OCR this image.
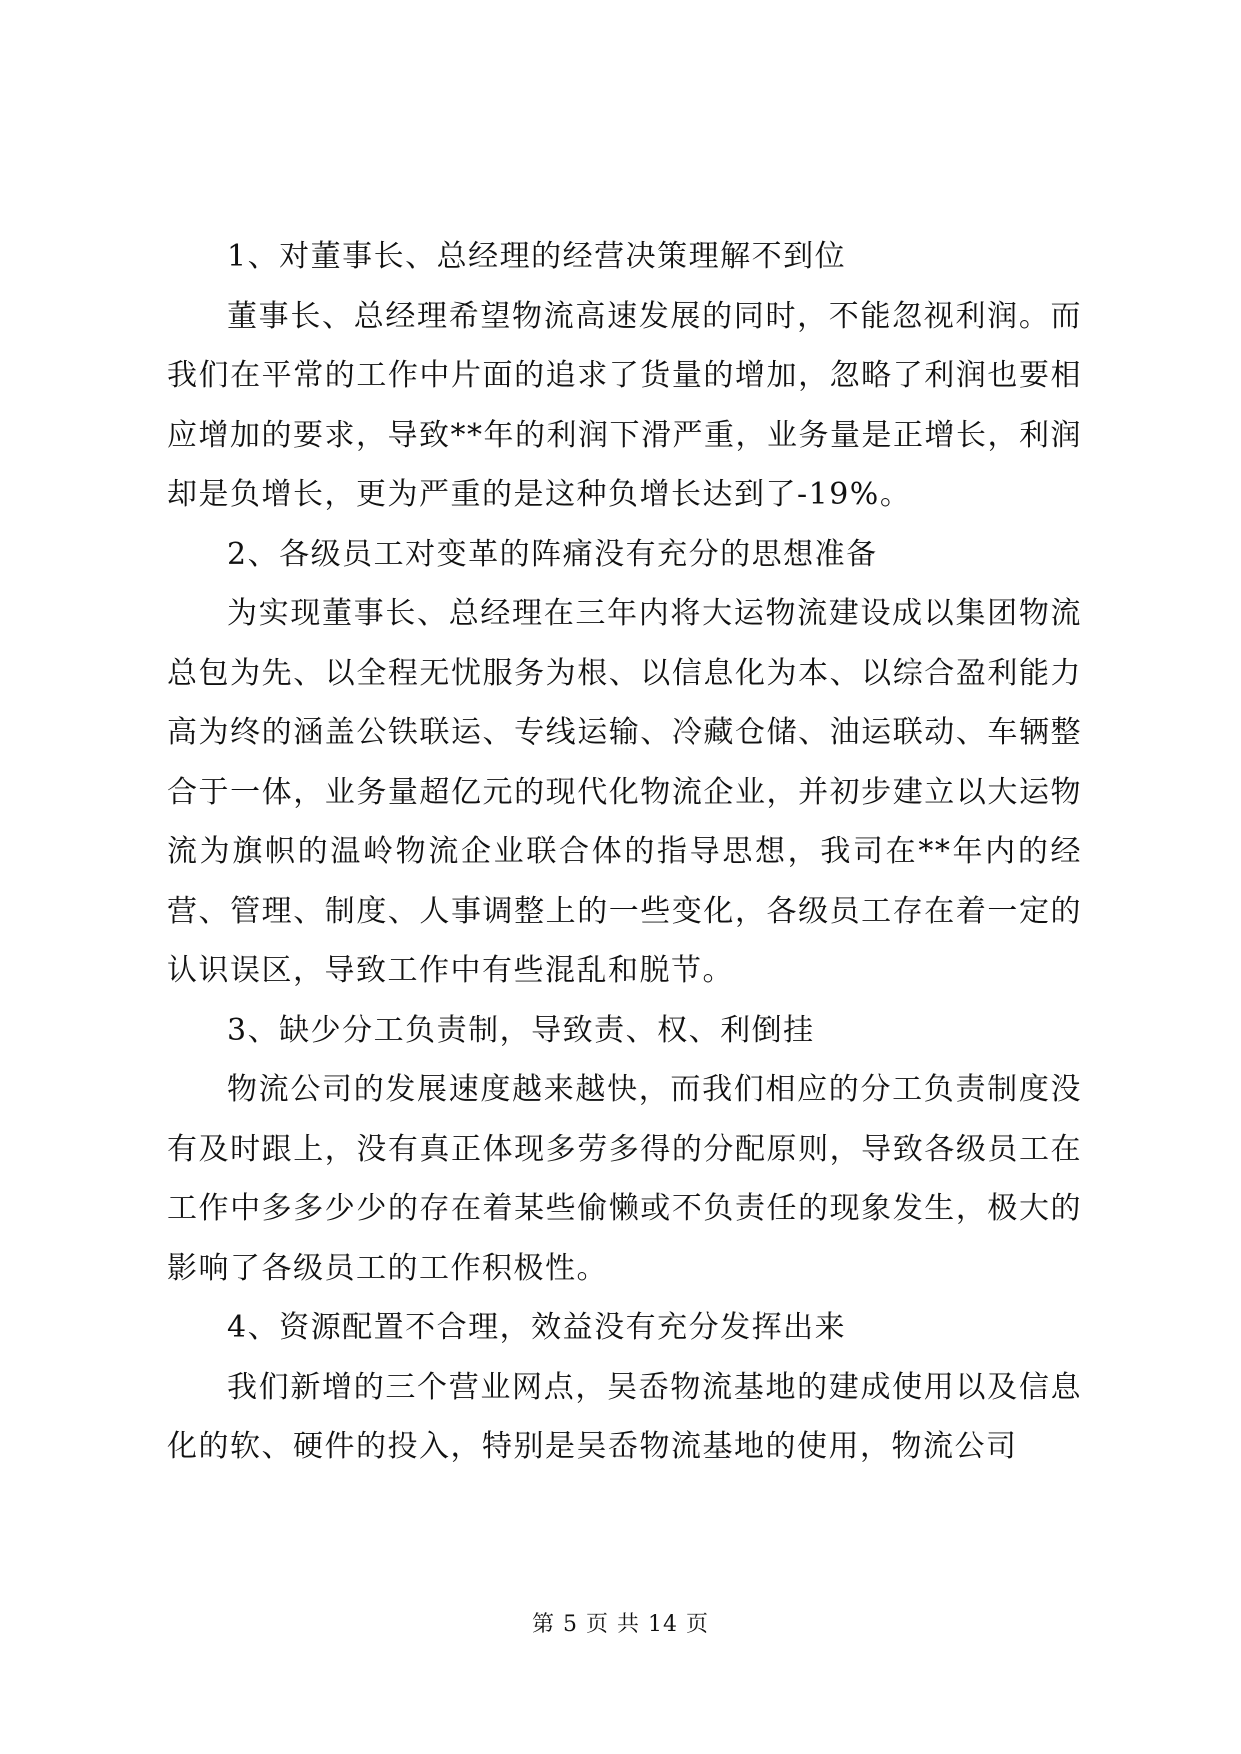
1、对董事长、总经理的经营决策理解不到位

董事长、总经理希望物流高速发展的同时，不能忽视利润。而我们在平常的工作中片面的追求了货量的增加，忽略了利润也要相应增加的要求，导致**年的利润下滑严重，业务量是正增长，利润却是负增长，更为严重的是这种负增长达到了-19%。

2、各级员工对变革的阵痛没有充分的思想准备

为实现董事长、总经理在三年内将大运物流建设成以集团物流总包为先、以全程无忧服务为根、以信息化为本、以综合盈利能力高为终的涵盖公铁联运、专线运输、冷藏仓储、油运联动、车辆整合于一体，业务量超亿元的现代化物流企业，并初步建立以大运物流为旗帜的温岭物流企业联合体的指导思想，我司在**年内的经营、管理、制度、人事调整上的一些变化，各级员工存在着一定的认识误区，导致工作中有些混乱和脱节。

3、缺少分工负责制，导致责、权、利倒挂

物流公司的发展速度越来越快，而我们相应的分工负责制度没有及时跟上，没有真正体现多劳多得的分配原则，导致各级员工在工作中多多少少的存在着某些偷懒或不负责任的现象发生，极大的影响了各级员工的工作积极性。

4、资源配置不合理，效益没有充分发挥出来

我们新增的三个营业网点，吴岙物流基地的建成使用以及信息化的软、硬件的投入，特别是吴岙物流基地的使用，物流公司

第 5 页 共 14 页
